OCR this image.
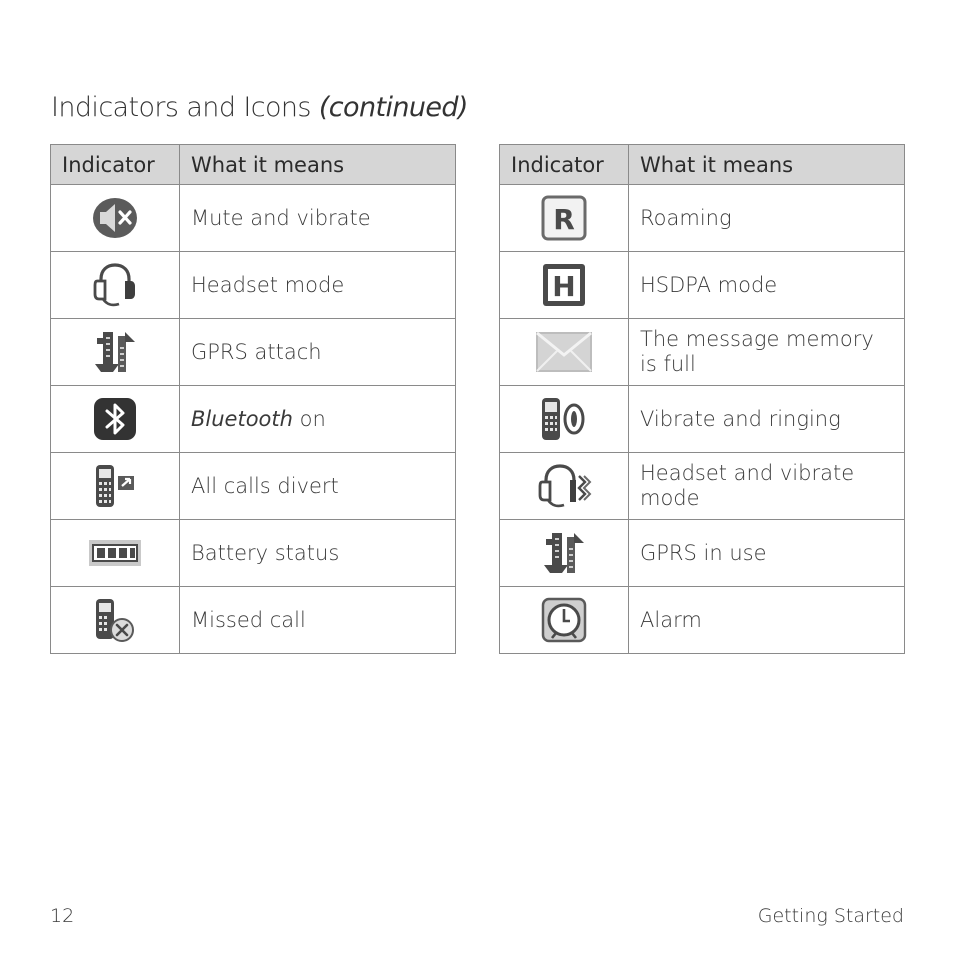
Indicators and Icons (continued)
Indicator	What it means

	Mute and vibrate

	Headset mode

	GPRS attach

	Bluetooth on

	All calls divert

	Battery status

	Missed call
Indicator	What it means

R	Roaming

H	HSDPA mode

	The message memory is full

	Vibrate and ringing

	Headset and vibrate mode

	GPRS in use

	Alarm
12	Getting Started
